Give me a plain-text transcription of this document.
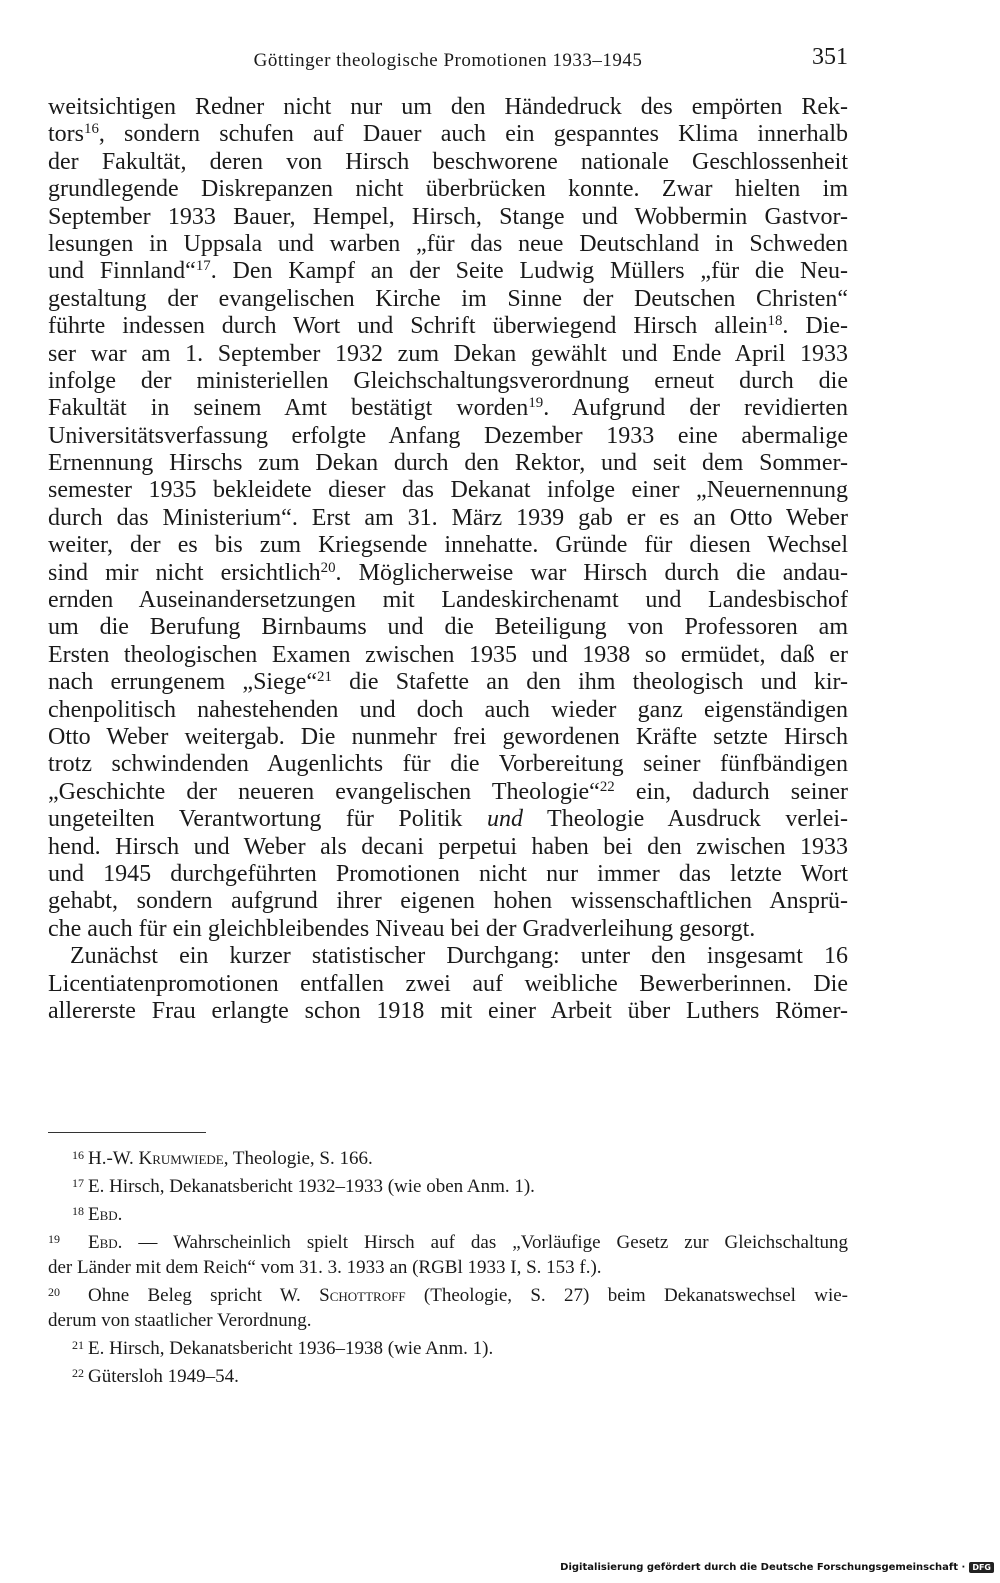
Göttinger theologische Promotionen 1933–1945	351
weitsichtigen Redner nicht nur um den Händedruck des empörten Rek-
tors$^{16}$, sondern schufen auf Dauer auch ein gespanntes Klima innerhalb
der Fakultät, deren von Hirsch beschworene nationale Geschlossenheit
grundlegende Diskrepanzen nicht überbrücken konnte. Zwar hielten im
September 1933 Bauer, Hempel, Hirsch, Stange und Wobbermin Gastvor-
lesungen in Uppsala und warben „für das neue Deutschland in Schweden
und Finnland“$^{17}$. Den Kampf an der Seite Ludwig Müllers „für die Neu-
gestaltung der evangelischen Kirche im Sinne der Deutschen Christen“
führte indessen durch Wort und Schrift überwiegend Hirsch allein$^{18}$. Die-
ser war am 1. September 1932 zum Dekan gewählt und Ende April 1933
infolge der ministeriellen Gleichschaltungsverordnung erneut durch die
Fakultät in seinem Amt bestätigt worden$^{19}$. Aufgrund der revidierten
Universitätsverfassung erfolgte Anfang Dezember 1933 eine abermalige
Ernennung Hirschs zum Dekan durch den Rektor, und seit dem Sommer-
semester 1935 bekleidete dieser das Dekanat infolge einer „Neuernennung
durch das Ministerium“. Erst am 31. März 1939 gab er es an Otto Weber
weiter, der es bis zum Kriegsende innehatte. Gründe für diesen Wechsel
sind mir nicht ersichtlich$^{20}$. Möglicherweise war Hirsch durch die andau-
ernden Auseinandersetzungen mit Landeskirchenamt und Landesbischof
um die Berufung Birnbaums und die Beteiligung von Professoren am
Ersten theologischen Examen zwischen 1935 und 1938 so ermüdet, daß er
nach errungenem „Siege“$^{21}$ die Stafette an den ihm theologisch und kir-
chenpolitisch nahestehenden und doch auch wieder ganz eigenständigen
Otto Weber weitergab. Die nunmehr frei gewordenen Kräfte setzte Hirsch
trotz schwindenden Augenlichts für die Vorbereitung seiner fünfbändigen
„Geschichte der neueren evangelischen Theologie“$^{22}$ ein, dadurch seiner
ungeteilten Verantwortung für Politik und Theologie Ausdruck verlei-
hend. Hirsch und Weber als decani perpetui haben bei den zwischen 1933
und 1945 durchgeführten Promotionen nicht nur immer das letzte Wort
gehabt, sondern aufgrund ihrer eigenen hohen wissenschaftlichen Ansprü-
che auch für ein gleichbleibendes Niveau bei der Gradverleihung gesorgt.
Zunächst ein kurzer statistischer Durchgang: unter den insgesamt 16
Licentiatenpromotionen entfallen zwei auf weibliche Bewerberinnen. Die
allererste Frau erlangte schon 1918 mit einer Arbeit über Luthers Römer-
16 H.-W. Krumwiede, Theologie, S. 166.
17 E. Hirsch, Dekanatsbericht 1932–1933 (wie oben Anm. 1).
18 Ebd.
19 Ebd. — Wahrscheinlich spielt Hirsch auf das „Vorläufige Gesetz zur Gleichschaltung
der Länder mit dem Reich“ vom 31. 3. 1933 an (RGBl 1933 I, S. 153 f.).
20 Ohne Beleg spricht W. Schottroff (Theologie, S. 27) beim Dekanatswechsel wie-
derum von staatlicher Verordnung.
21 E. Hirsch, Dekanatsbericht 1936–1938 (wie Anm. 1).
22 Gütersloh 1949–54.
Digitalisierung gefördert durch die Deutsche Forschungsgemeinschaft · DFG
